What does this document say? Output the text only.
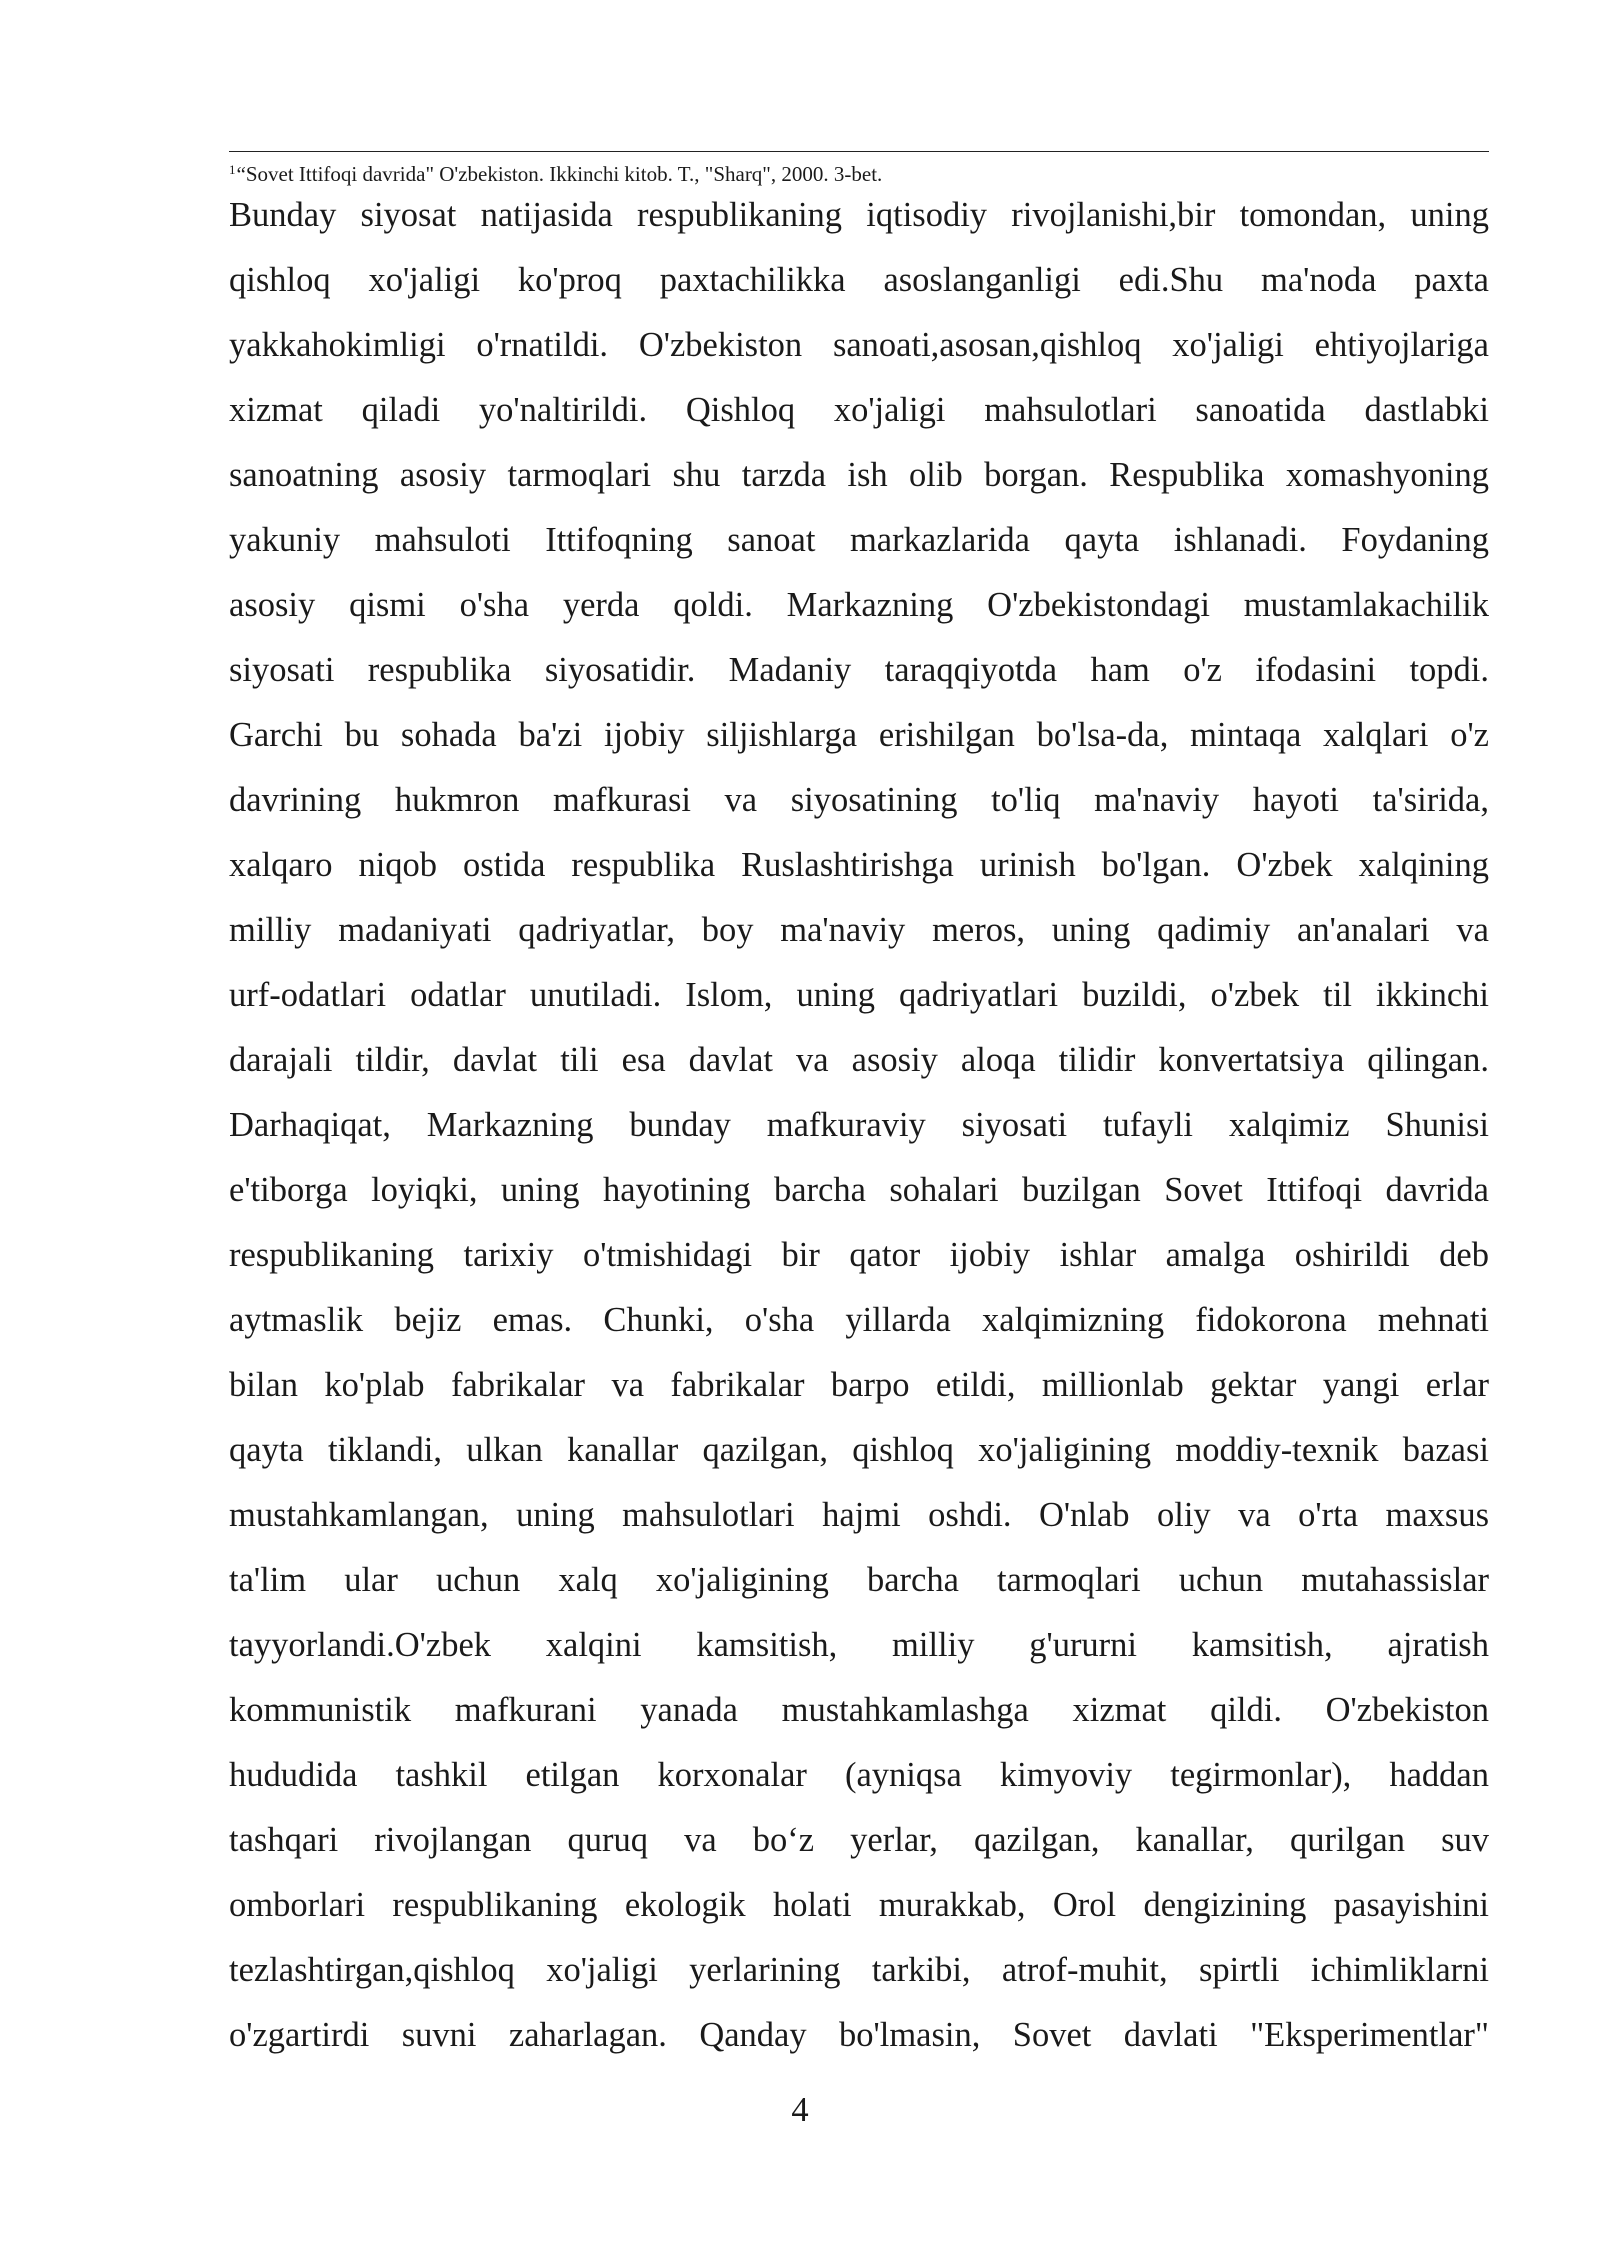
$^1$“Sovet Ittifoqi davrida" O'zbekiston. Ikkinchi kitob. T., "Sharq", 2000. 3-bet.
Bunday siyosat natijasida respublikaning iqtisodiy rivojlanishi,bir tomondan, uning
qishloq xo'jaligi ko'proq paxtachilikka asoslanganligi edi.Shu ma'noda paxta
yakkahokimligi o'rnatildi. O'zbekiston sanoati,asosan,qishloq xo'jaligi ehtiyojlariga
xizmat qiladi yo'naltirildi. Qishloq xo'jaligi mahsulotlari sanoatida dastlabki
sanoatning asosiy tarmoqlari shu tarzda ish olib borgan. Respublika xomashyoning
yakuniy mahsuloti Ittifoqning sanoat markazlarida qayta ishlanadi. Foydaning
asosiy qismi o'sha yerda qoldi. Markazning O'zbekistondagi mustamlakachilik
siyosati respublika siyosatidir. Madaniy taraqqiyotda ham o'z ifodasini topdi.
Garchi bu sohada ba'zi ijobiy siljishlarga erishilgan bo'lsa-da, mintaqa xalqlari o'z
davrining hukmron mafkurasi va siyosatining to'liq ma'naviy hayoti ta'sirida,
xalqaro niqob ostida respublika Ruslashtirishga urinish bo'lgan. O'zbek xalqining
milliy madaniyati qadriyatlar, boy ma'naviy meros, uning qadimiy an'analari va
urf-odatlari odatlar unutiladi. Islom, uning qadriyatlari buzildi, o'zbek til ikkinchi
darajali tildir, davlat tili esa davlat va asosiy aloqa tilidir konvertatsiya qilingan.
Darhaqiqat, Markazning bunday mafkuraviy siyosati tufayli xalqimiz Shunisi
e'tiborga loyiqki, uning hayotining barcha sohalari buzilgan Sovet Ittifoqi davrida
respublikaning tarixiy o'tmishidagi bir qator ijobiy ishlar amalga oshirildi deb
aytmaslik bejiz emas. Chunki, o'sha yillarda xalqimizning fidokorona mehnati
bilan ko'plab fabrikalar va fabrikalar barpo etildi, millionlab gektar yangi erlar
qayta tiklandi, ulkan kanallar qazilgan, qishloq xo'jaligining moddiy-texnik bazasi
mustahkamlangan, uning mahsulotlari hajmi oshdi. O'nlab oliy va o'rta maxsus
ta'lim ular uchun xalq xo'jaligining barcha tarmoqlari uchun mutahassislar
tayyorlandi.O'zbek xalqini kamsitish, milliy g'ururni kamsitish, ajratish
kommunistik mafkurani yanada mustahkamlashga xizmat qildi. O'zbekiston
hududida tashkil etilgan korxonalar (ayniqsa kimyoviy tegirmonlar), haddan
tashqari rivojlangan quruq va bo‘z yerlar, qazilgan, kanallar, qurilgan suv
omborlari respublikaning ekologik holati murakkab, Orol dengizining pasayishini
tezlashtirgan,qishloq xo'jaligi yerlarining tarkibi, atrof-muhit, spirtli ichimliklarni
o'zgartirdi suvni zaharlagan. Qanday bo'lmasin, Sovet davlati "Eksperimentlar"
4
